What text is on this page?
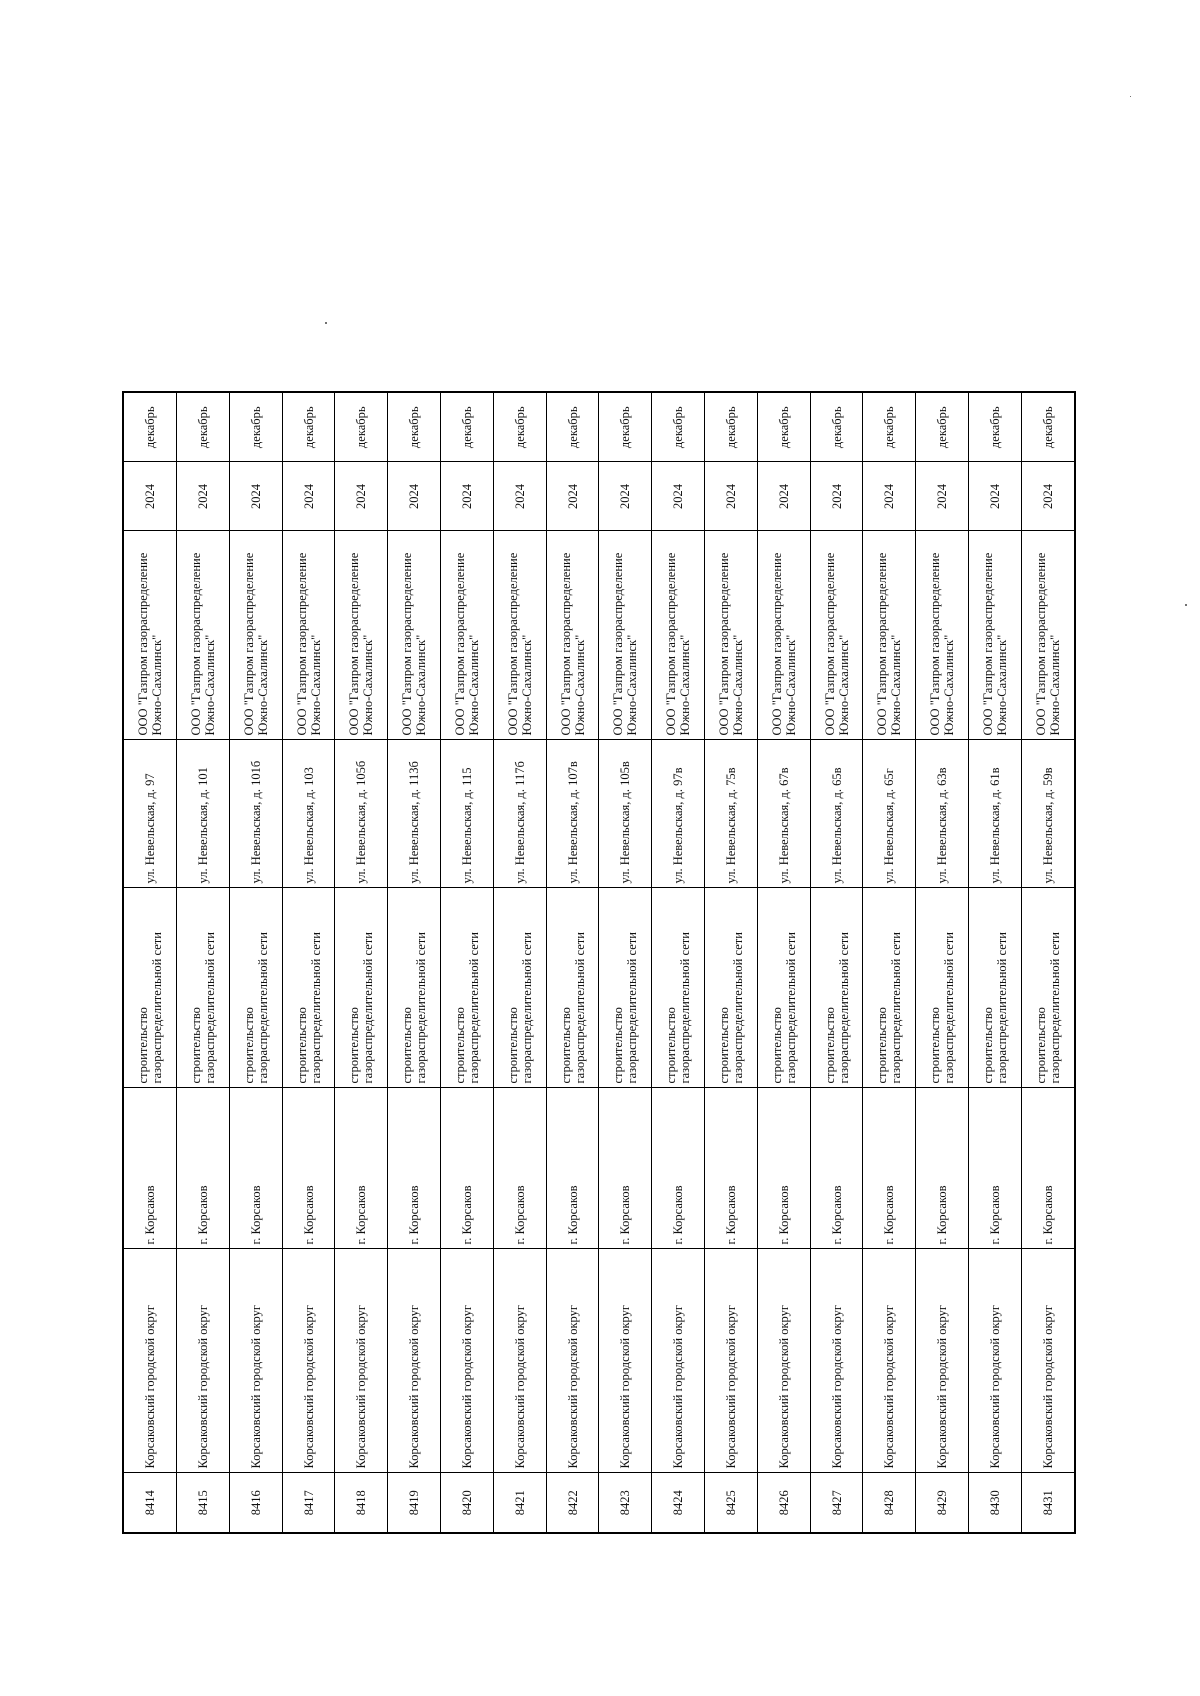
8414	Корсаковский городской округ	г. Корсаков	строительство газораспределительной сети	ул. Невельская, д. 97	ООО "Газпром газораспределение Южно-Сахалинск"	2024	декабрь
8415	Корсаковский городской округ	г. Корсаков	строительство газораспределительной сети	ул. Невельская, д. 101	ООО "Газпром газораспределение Южно-Сахалинск"	2024	декабрь
8416	Корсаковский городской округ	г. Корсаков	строительство газораспределительной сети	ул. Невельская, д. 101б	ООО "Газпром газораспределение Южно-Сахалинск"	2024	декабрь
8417	Корсаковский городской округ	г. Корсаков	строительство газораспределительной сети	ул. Невельская, д. 103	ООО "Газпром газораспределение Южно-Сахалинск"	2024	декабрь
8418	Корсаковский городской округ	г. Корсаков	строительство газораспределительной сети	ул. Невельская, д. 105б	ООО "Газпром газораспределение Южно-Сахалинск"	2024	декабрь
8419	Корсаковский городской округ	г. Корсаков	строительство газораспределительной сети	ул. Невельская, д. 113б	ООО "Газпром газораспределение Южно-Сахалинск"	2024	декабрь
8420	Корсаковский городской округ	г. Корсаков	строительство газораспределительной сети	ул. Невельская, д. 115	ООО "Газпром газораспределение Южно-Сахалинск"	2024	декабрь
8421	Корсаковский городской округ	г. Корсаков	строительство газораспределительной сети	ул. Невельская, д. 117б	ООО "Газпром газораспределение Южно-Сахалинск"	2024	декабрь
8422	Корсаковский городской округ	г. Корсаков	строительство газораспределительной сети	ул. Невельская, д. 107в	ООО "Газпром газораспределение Южно-Сахалинск"	2024	декабрь
8423	Корсаковский городской округ	г. Корсаков	строительство газораспределительной сети	ул. Невельская, д. 105в	ООО "Газпром газораспределение Южно-Сахалинск"	2024	декабрь
8424	Корсаковский городской округ	г. Корсаков	строительство газораспределительной сети	ул. Невельская, д. 97в	ООО "Газпром газораспределение Южно-Сахалинск"	2024	декабрь
8425	Корсаковский городской округ	г. Корсаков	строительство газораспределительной сети	ул. Невельская, д. 75в	ООО "Газпром газораспределение Южно-Сахалинск"	2024	декабрь
8426	Корсаковский городской округ	г. Корсаков	строительство газораспределительной сети	ул. Невельская, д. 67в	ООО "Газпром газораспределение Южно-Сахалинск"	2024	декабрь
8427	Корсаковский городской округ	г. Корсаков	строительство газораспределительной сети	ул. Невельская, д. 65в	ООО "Газпром газораспределение Южно-Сахалинск"	2024	декабрь
8428	Корсаковский городской округ	г. Корсаков	строительство газораспределительной сети	ул. Невельская, д. 65г	ООО "Газпром газораспределение Южно-Сахалинск"	2024	декабрь
8429	Корсаковский городской округ	г. Корсаков	строительство газораспределительной сети	ул. Невельская, д. 63в	ООО "Газпром газораспределение Южно-Сахалинск"	2024	декабрь
8430	Корсаковский городской округ	г. Корсаков	строительство газораспределительной сети	ул. Невельская, д. 61в	ООО "Газпром газораспределение Южно-Сахалинск"	2024	декабрь
8431	Корсаковский городской округ	г. Корсаков	строительство газораспределительной сети	ул. Невельская, д. 59в	ООО "Газпром газораспределение Южно-Сахалинск"	2024	декабрь
